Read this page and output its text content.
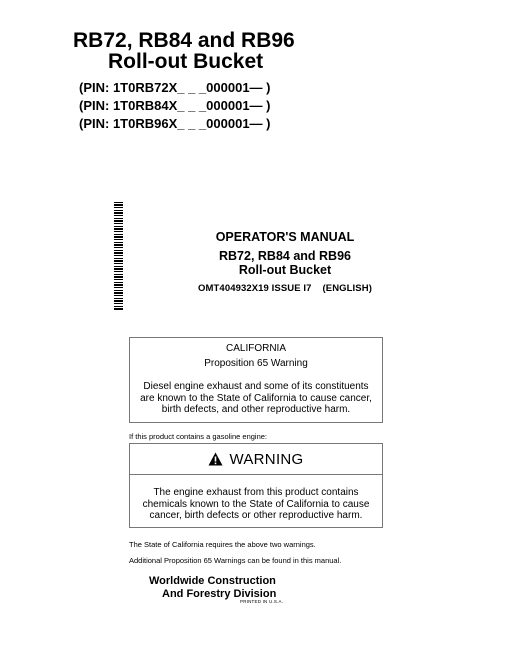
RB72, RB84 and RB96
Roll-out Bucket
(PIN: 1T0RB72X_ _ _000001— )
(PIN: 1T0RB84X_ _ _000001— )
(PIN: 1T0RB96X_ _ _000001— )
OPERATOR'S MANUAL
RB72, RB84 and RB96
Roll-out Bucket
OMT404932X19 ISSUE I7    (ENGLISH)
CALIFORNIA
Proposition 65 Warning
Diesel engine exhaust and some of its constituents are known to the State of California to cause cancer, birth defects, and other reproductive harm.
If this product contains a gasoline engine:
WARNING
The engine exhaust from this product contains chemicals known to the State of California to cause cancer, birth defects or other reproductive harm.
The State of California requires the above two warnings.
Additional Proposition 65 Warnings can be found in this manual.
Worldwide Construction
And Forestry Division
PRINTED IN U.S.A.
